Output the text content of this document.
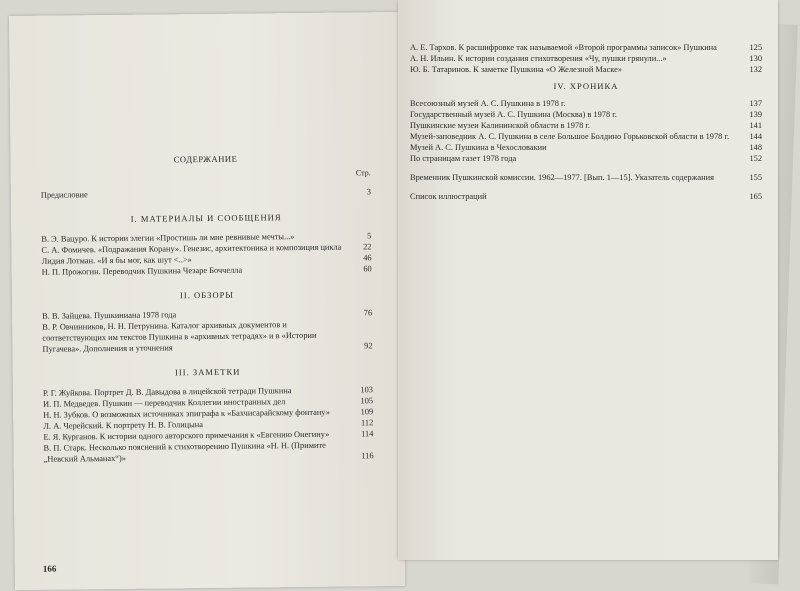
СОДЕРЖАНИЕ

Стр.
Предисловие	3

I. МАТЕРИАЛЫ И СООБЩЕНИЯ

В. Э. Вацуро. К истории элегии «Простишь ли мне ревнивые мечты...»	5
С. А. Фомичев. «Подражания Корану». Генезис, архитектоника и композиция цикла	22
Лидия Лотман. «И я бы мог, как шут <..>»	46
Н. П. Прожогин. Переводчик Пушкина Чезаре Боччелла	60

II. ОБЗОРЫ

В. В. Зайцева. Пушкиниана 1978 года	76
В. Р. Овчинников, Н. Н. Петрунина. Каталог архивных документов и соответствующих им текстов Пушкина в «архивных тетрадях» и в «Истории Пугачева». Дополнения и уточнения	92

III. ЗАМЕТКИ

Р. Г. Жуйкова. Портрет Д. В. Давыдова в лицейской тетради Пушкина	103
И. П. Медведев. Пушкин — переводчик Коллегии иностранных дел	105
Н. Н. Зубков. О возможных источниках эпиграфа к «Бахчисарайскому фонтану»	109
Л. А. Черейский. К портрету Н. В. Голицына	112
Е. Я. Курганов. К истории одного авторского примечания к «Евгению Онегину»	114
В. П. Старк. Несколько пояснений к стихотворению Пушкина «Н. Н. (Примите „Невский Альманах“)»	116
166
А. Е. Тархов. К расшифровке так называемой «Второй программы записок» Пушкина	125
А. Н. Ильин. К истории создания стихотворения «Чу, пушки грянули...»	130
Ю. Б. Татаринов. К заметке Пушкина «О Железной Маске»	132

IV. ХРОНИКА

Всесоюзный музей А. С. Пушкина в 1978 г.	137
Государственный музей А. С. Пушкина (Москва) в 1978 г.	139
Пушкинские музеи Калининской области в 1978 г.	141
Музей-заповедник А. С. Пушкина в селе Большое Болдино Горьковской области в 1978 г.	144
Музей А. С. Пушкина в Чехословакии	148
По страницам газет 1978 года	152
Временник Пушкинской комиссии. 1962—1977. [Вып. 1—15]. Указатель содержания	155
Список иллюстраций	165
